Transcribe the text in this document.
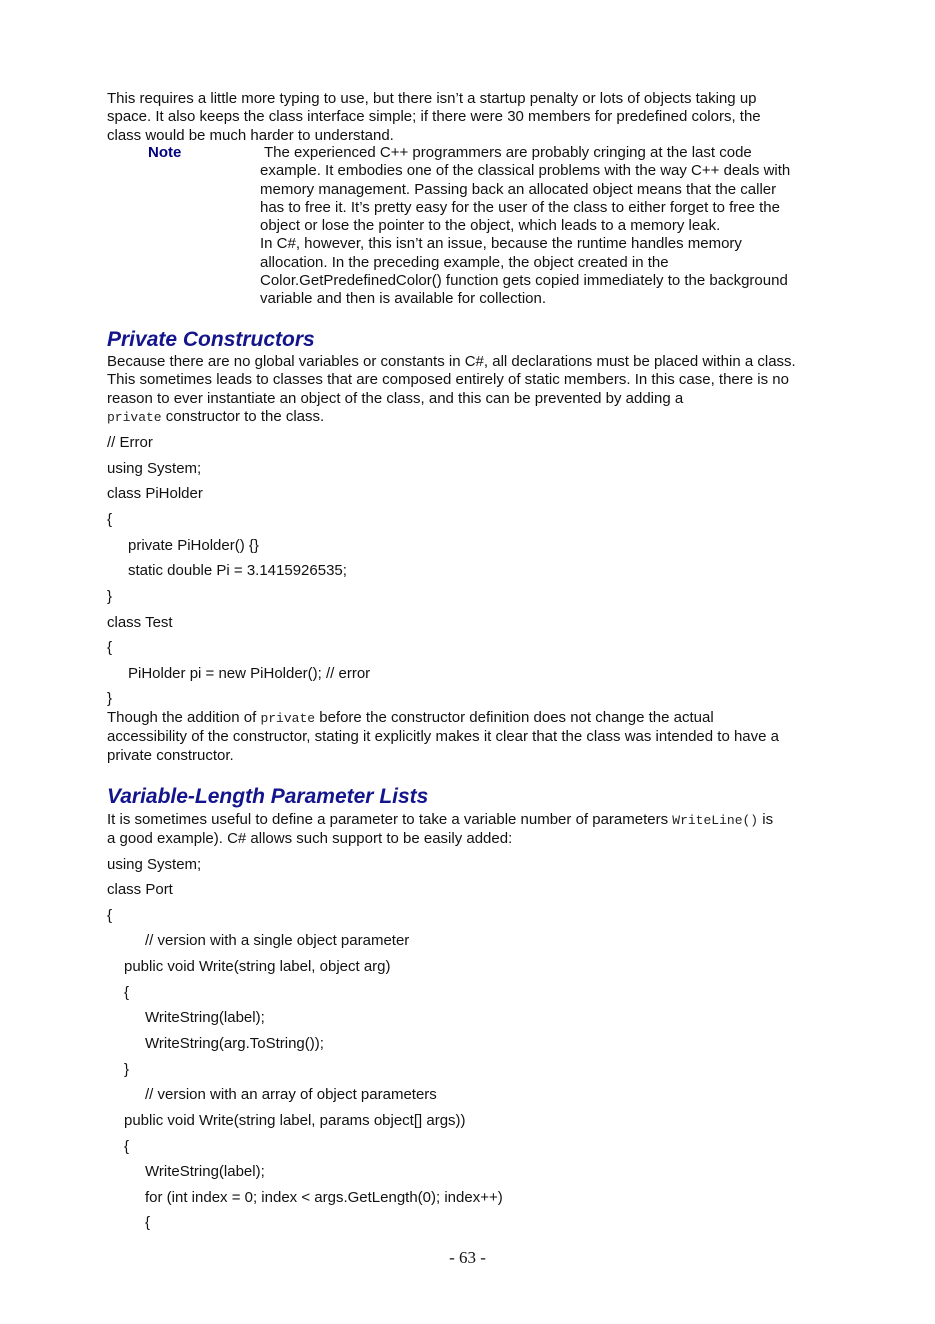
This requires a little more typing to use, but there isn’t a startup penalty or lots of objects taking up
space. It also keeps the class interface simple; if there were 30 members for predefined colors, the
class would be much harder to understand.
Note	The experienced C++ programmers are probably cringing at the last code
example. It embodies one of the classical problems with the way C++ deals with
memory management. Passing back an allocated object means that the caller
has to free it. It’s pretty easy for the user of the class to either forget to free the
object or lose the pointer to the object, which leads to a memory leak.
In C#, however, this isn’t an issue, because the runtime handles memory
allocation. In the preceding example, the object created in the
Color.GetPredefinedColor() function gets copied immediately to the background
variable and then is available for collection.
Private Constructors
Because there are no global variables or constants in C#, all declarations must be placed within a class.
This sometimes leads to classes that are composed entirely of static members. In this case, there is no
reason to ever instantiate an object of the class, and this can be prevented by adding a
private constructor to the class.
// Error
using System;
class PiHolder
{
private PiHolder() {}
static double Pi = 3.1415926535;
}
class Test
{
PiHolder pi = new PiHolder(); // error
}
Though the addition of private before the constructor definition does not change the actual
accessibility of the constructor, stating it explicitly makes it clear that the class was intended to have a
private constructor.
Variable-Length Parameter Lists
It is sometimes useful to define a parameter to take a variable number of parameters WriteLine() is
a good example). C# allows such support to be easily added:
using System;
class Port
{
// version with a single object parameter
public void Write(string label, object arg)
{
WriteString(label);
WriteString(arg.ToString());
}
// version with an array of object parameters
public void Write(string label, params object[] args))
{
WriteString(label);
for (int index = 0; index < args.GetLength(0); index++)
{
- 63 -
